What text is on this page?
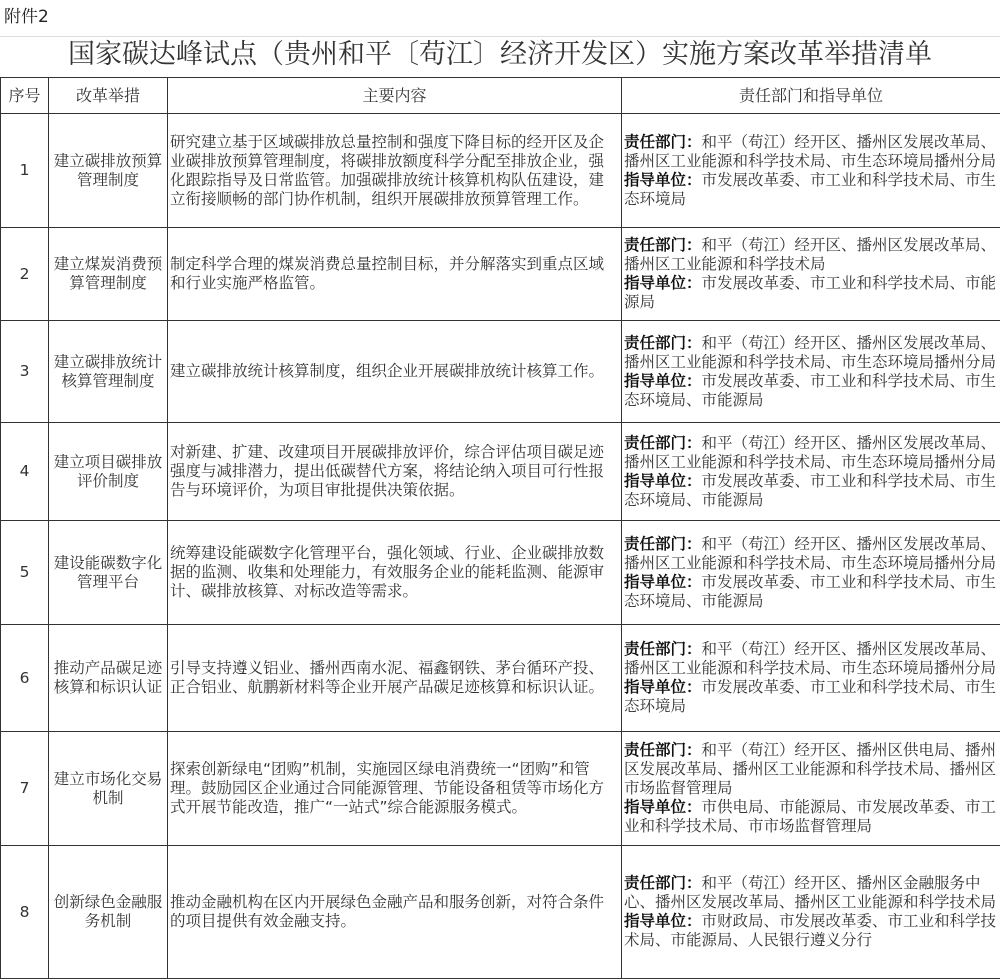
附件2
国家碳达峰试点（贵州和平〔苟江〕经济开发区）实施方案改革举措清单
序号	改革举措	主要内容	责任部门和指导单位
1	建立碳排放预算管理制度	研究建立基于区域碳排放总量控制和强度下降目标的经开区及企业碳排放预算管理制度，将碳排放额度科学分配至排放企业，强化跟踪指导及日常监管。加强碳排放统计核算机构队伍建设，建立衔接顺畅的部门协作机制，组织开展碳排放预算管理工作。	责任部门：和平（苟江）经开区、播州区发展改革局、播州区工业能源和科学技术局、市生态环境局播州分局
指导单位：市发展改革委、市工业和科学技术局、市生态环境局

2	建立煤炭消费预算管理制度	制定科学合理的煤炭消费总量控制目标，并分解落实到重点区域和行业实施严格监管。	责任部门：和平（苟江）经开区、播州区发展改革局、播州区工业能源和科学技术局
指导单位：市发展改革委、市工业和科学技术局、市能源局

3	建立碳排放统计核算管理制度	建立碳排放统计核算制度，组织企业开展碳排放统计核算工作。	责任部门：和平（苟江）经开区、播州区发展改革局、播州区工业能源和科学技术局、市生态环境局播州分局
指导单位：市发展改革委、市工业和科学技术局、市生态环境局、市能源局

4	建立项目碳排放评价制度	对新建、扩建、改建项目开展碳排放评价，综合评估项目碳足迹强度与减排潜力，提出低碳替代方案，将结论纳入项目可行性报告与环境评价，为项目审批提供决策依据。	责任部门：和平（苟江）经开区、播州区发展改革局、播州区工业能源和科学技术局、市生态环境局播州分局
指导单位：市发展改革委、市工业和科学技术局、市生态环境局、市能源局

5	建设能碳数字化管理平台	统筹建设能碳数字化管理平台，强化领域、行业、企业碳排放数据的监测、收集和处理能力，有效服务企业的能耗监测、能源审计、碳排放核算、对标改造等需求。	责任部门：和平（苟江）经开区、播州区发展改革局、播州区工业能源和科学技术局、市生态环境局播州分局
指导单位：市发展改革委、市工业和科学技术局、市生态环境局、市能源局

6	推动产品碳足迹核算和标识认证	引导支持遵义铝业、播州西南水泥、福鑫钢铁、茅台循环产投、正合铝业、航鹏新材料等企业开展产品碳足迹核算和标识认证。	责任部门：和平（苟江）经开区、播州区发展改革局、播州区工业能源和科学技术局、市生态环境局播州分局
指导单位：市发展改革委、市工业和科学技术局、市生态环境局

7	建立市场化交易机制	探索创新绿电“团购”机制，实施园区绿电消费统一“团购”和管理。鼓励园区企业通过合同能源管理、节能设备租赁等市场化方式开展节能改造，推广“一站式”综合能源服务模式。	责任部门：和平（苟江）经开区、播州区供电局、播州区发展改革局、播州区工业能源和科学技术局、播州区市场监督管理局
指导单位：市供电局、市能源局、市发展改革委、市工业和科学技术局、市市场监督管理局

8	创新绿色金融服务机制	推动金融机构在区内开展绿色金融产品和服务创新，对符合条件的项目提供有效金融支持。	责任部门：和平（苟江）经开区、播州区金融服务中心、播州区发展改革局、播州区工业能源和科学技术局
指导单位：市财政局、市发展改革委、市工业和科学技术局、市能源局、人民银行遵义分行
